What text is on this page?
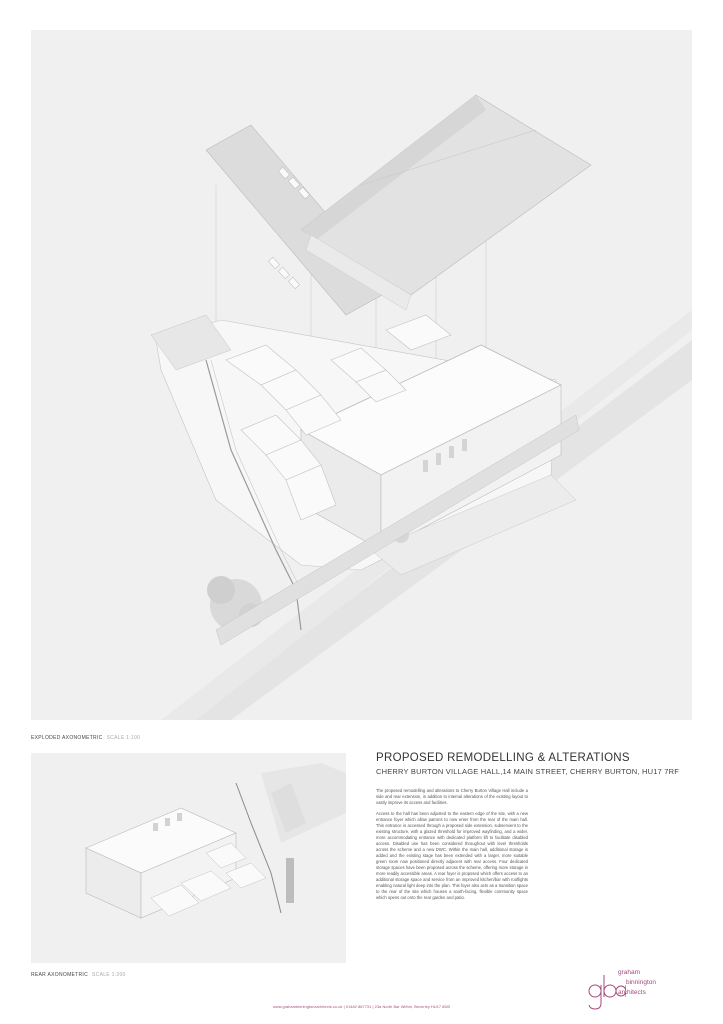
EXPLODED AXONOMETRIC SCALE 1:100
REAR AXONOMETRIC SCALE 1:200
PROPOSED REMODELLING & ALTERATIONS
CHERRY BURTON VILLAGE HALL,14 MAIN STREET, CHERRY BURTON, HU17 7RF

The proposed remodelling and alterations to Cherry Burton Village Hall include a side and rear extension, in addition to internal alterations of the existing layout to vastly improve its access and facilities.

Access to the hall has been adjusted to the eastern edge of the site, with a new entrance foyer which allow patrons to now enter from the rear of the main hall. This entrance is accessed through a proposed side extension, subservient to the existing structure, with a glazed threshold for improved wayfinding, and a wider, more accommodating entrance with dedicated platform lift to facilitate disabled access. Disabled use has been considered throughout with level thresholds across the scheme and a new DWC. Within the main hall, additional storage is added and the existing stage has been extended with a larger, more suitable green room now positioned directly adjacent with rear access. Four dedicated storage spaces have been proposed across the scheme, offering more storage in more readily accessible areas. A rear foyer is proposed which offers access to an additional storage space and service from an improved kitchen/bar with rooflights enabling natural light deep into the plan. This foyer also acts as a transition space to the rear of the site which houses a south-facing, flexible community space which opens out onto the rear garden and patio.

graham
binnington
architects
www.grahambinningtonarchitects.co.uk | 01482 867731 | 23a North Bar Within, Beverley HU17 8DB
